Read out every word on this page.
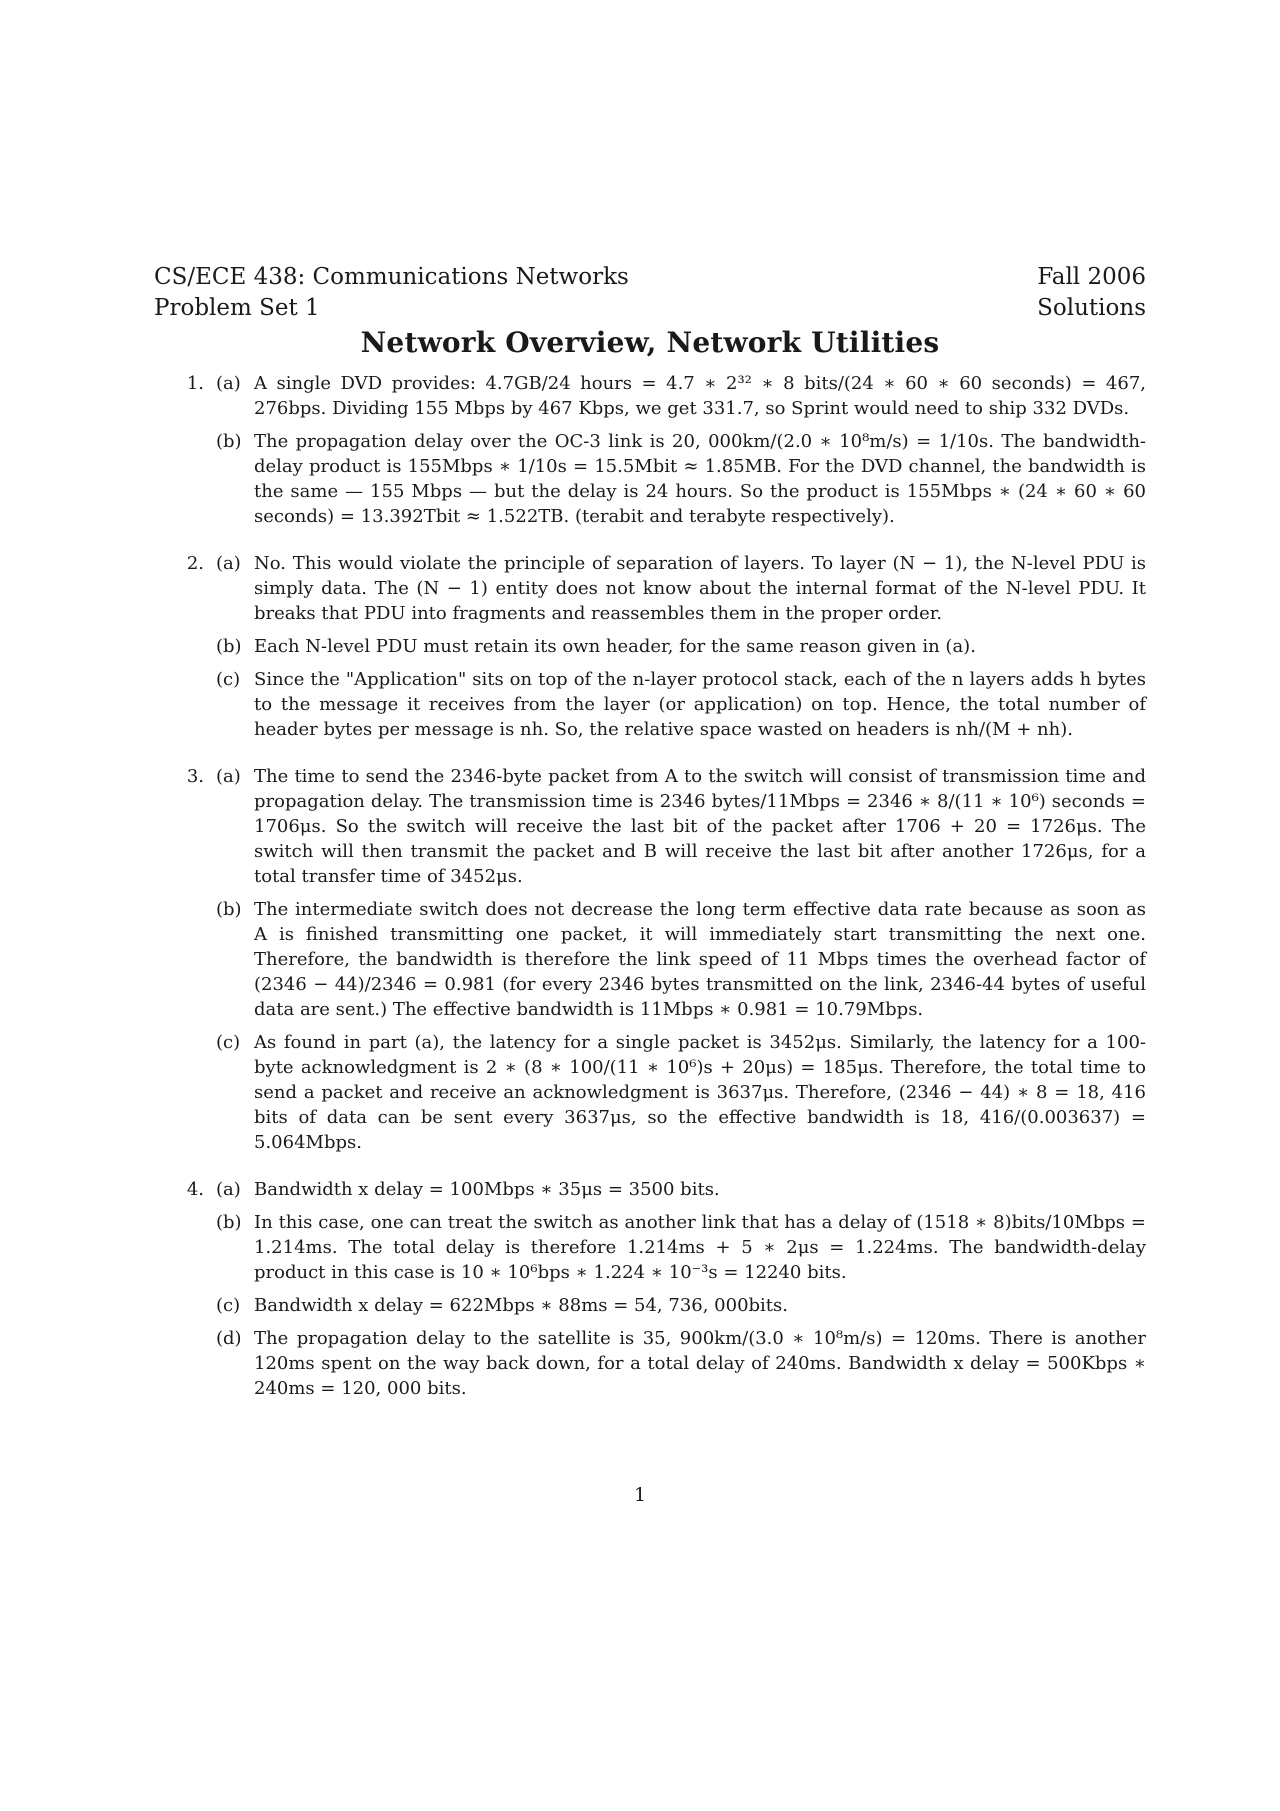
CS/ECE 438: Communications Networks
Problem Set 1
Fall 2006
Solutions
Network Overview, Network Utilities
1. (a) A single DVD provides: 4.7GB/24 hours = 4.7 ∗ 2³² ∗ 8 bits/(24 ∗ 60 ∗ 60 seconds) = 467, 276bps. Dividing 155 Mbps by 467 Kbps, we get 331.7, so Sprint would need to ship 332 DVDs.
(b) The propagation delay over the OC-3 link is 20, 000km/(2.0 ∗ 10⁸m/s) = 1/10s. The bandwidth-delay product is 155Mbps ∗ 1/10s = 15.5Mbit ≈ 1.85MB. For the DVD channel, the bandwidth is the same — 155 Mbps — but the delay is 24 hours. So the product is 155Mbps ∗ (24 ∗ 60 ∗ 60 seconds) = 13.392Tbit ≈ 1.522TB. (terabit and terabyte respectively).
2. (a) No. This would violate the principle of separation of layers. To layer (N − 1), the N-level PDU is simply data. The (N − 1) entity does not know about the internal format of the N-level PDU. It breaks that PDU into fragments and reassembles them in the proper order.
(b) Each N-level PDU must retain its own header, for the same reason given in (a).
(c) Since the "Application" sits on top of the n-layer protocol stack, each of the n layers adds h bytes to the message it receives from the layer (or application) on top. Hence, the total number of header bytes per message is nh. So, the relative space wasted on headers is nh/(M + nh).
3. (a) The time to send the 2346-byte packet from A to the switch will consist of transmission time and propagation delay. The transmission time is 2346 bytes/11Mbps = 2346 ∗ 8/(11 ∗ 10⁶) seconds = 1706μs. So the switch will receive the last bit of the packet after 1706 + 20 = 1726μs. The switch will then transmit the packet and B will receive the last bit after another 1726μs, for a total transfer time of 3452μs.
(b) The intermediate switch does not decrease the long term effective data rate because as soon as A is finished transmitting one packet, it will immediately start transmitting the next one. Therefore, the bandwidth is therefore the link speed of 11 Mbps times the overhead factor of (2346 − 44)/2346 = 0.981 (for every 2346 bytes transmitted on the link, 2346-44 bytes of useful data are sent.) The effective bandwidth is 11Mbps ∗ 0.981 = 10.79Mbps.
(c) As found in part (a), the latency for a single packet is 3452μs. Similarly, the latency for a 100-byte acknowledgment is 2 ∗ (8 ∗ 100/(11 ∗ 10⁶)s + 20μs) = 185μs. Therefore, the total time to send a packet and receive an acknowledgment is 3637μs. Therefore, (2346 − 44) ∗ 8 = 18, 416 bits of data can be sent every 3637μs, so the effective bandwidth is 18, 416/(0.003637) = 5.064Mbps.
4. (a) Bandwidth x delay = 100Mbps ∗ 35μs = 3500 bits.
(b) In this case, one can treat the switch as another link that has a delay of (1518 ∗ 8)bits/10Mbps = 1.214ms. The total delay is therefore 1.214ms + 5 ∗ 2μs = 1.224ms. The bandwidth-delay product in this case is 10 ∗ 10⁶bps ∗ 1.224 ∗ 10⁻³s = 12240 bits.
(c) Bandwidth x delay = 622Mbps ∗ 88ms = 54, 736, 000bits.
(d) The propagation delay to the satellite is 35, 900km/(3.0 ∗ 10⁸m/s) = 120ms. There is another 120ms spent on the way back down, for a total delay of 240ms. Bandwidth x delay = 500Kbps ∗ 240ms = 120, 000 bits.
1
